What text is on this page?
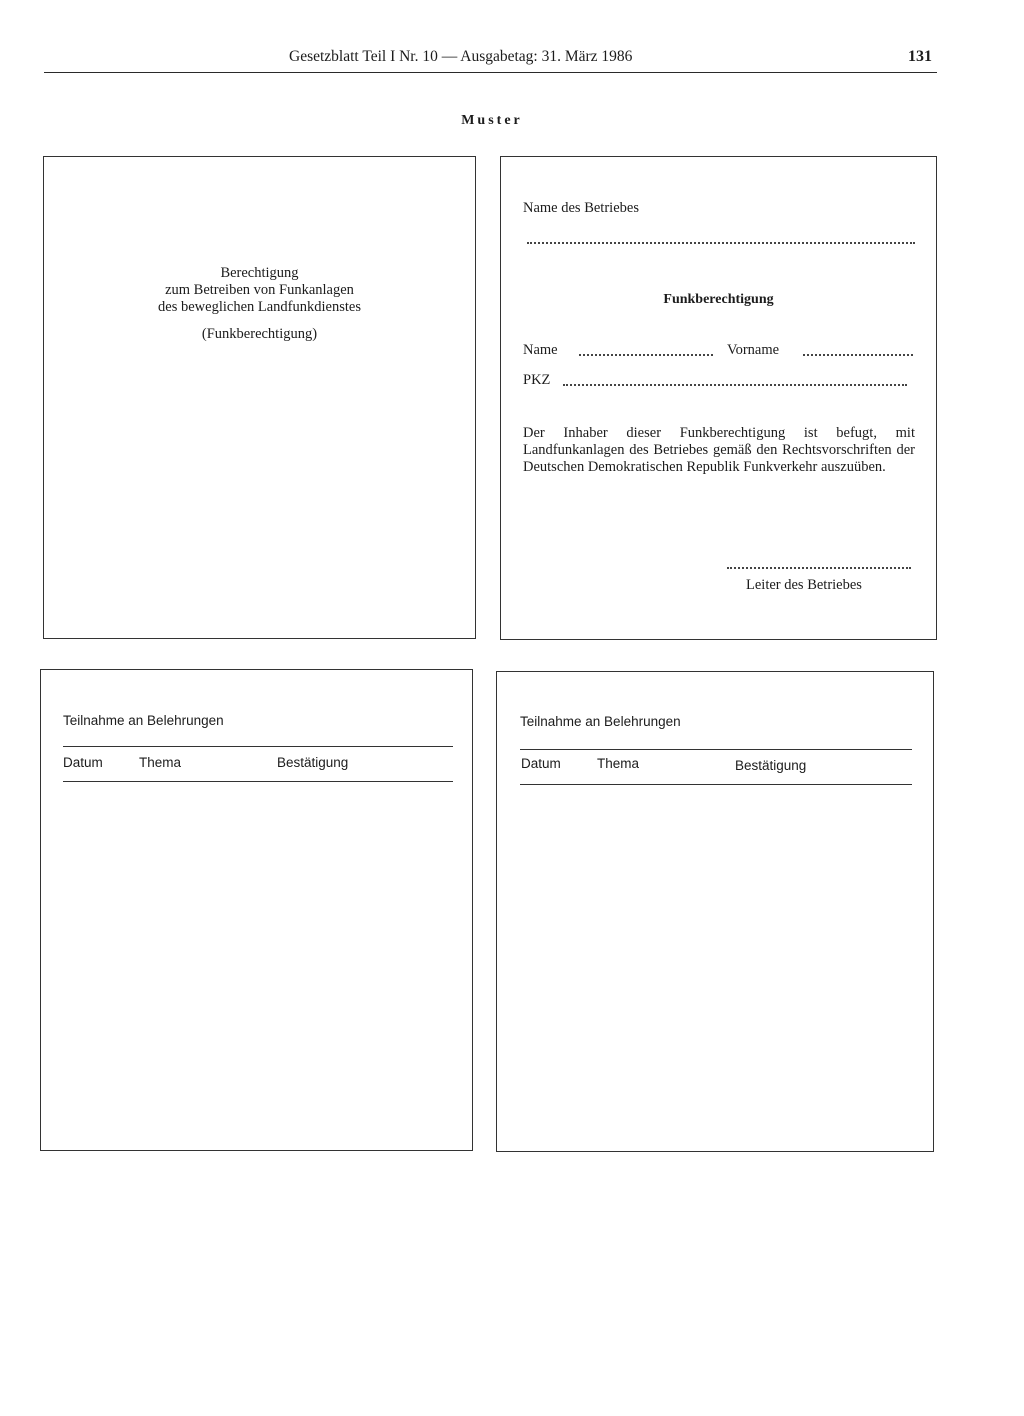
Gesetzblatt Teil I Nr. 10 — Ausgabetag: 31. März 1986	131
Muster
Berechtigung
zum Betreiben von Funkanlagen
des beweglichen Landfunkdienstes
(Funkberechtigung)
Name des Betriebes
Funkberechtigung
Name	Vorname
PKZ
Der Inhaber dieser Funkberechtigung ist befugt, mit Landfunkanlagen des Betriebes gemäß den Rechtsvorschriften der Deutschen Demokratischen Republik Funkverkehr auszuüben.
Leiter des Betriebes
Teilnahme an Belehrungen
Datum	Thema	Bestätigung
Teilnahme an Belehrungen
Datum	Thema	Bestätigung
